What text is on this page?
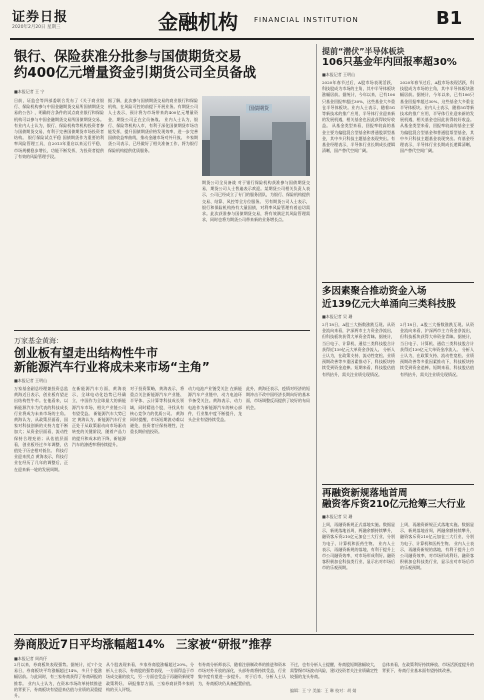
证券日报
2020年2月20日 星期三	金融机构 FINANCIAL INSTITUTION	B1
银行、保险获准分批参与国债期货交易
约400亿元增量资金引期货公司全员备战
■本报记者 王 宁
日前，证监会等四部委联合发布了《关于商业银行、保险机构参与中国金融期货交易所国债期货交易的公告》，明确符合条件的试点商业银行和保险机构可以参与中国金融期货交易所国债期货交易。有业内人士认为，银行、保险机构等机构投资者参与国债期货交易，有利于完善国债期货市场投资者结构。 银行保险试点平稳 国债期货作为重要的利率风险管理工具，自2013年重启以来运行平稳，市场规模稳步增长，功能不断发挥，为投资者提供了有效的风险管理手段。
据了解，此次参与国债期货交易的商业银行和保险机构，在风险可控的前提下开展业务。有期货公司人士表示，预计将为市场带来约400亿元增量资金，期货公司正在全员备战。 业内人士认为，银行、保险等机构入市，有利于深化国债期货市场功能发挥，提升国债期货价格发现效率，进一步完善国债收益率曲线，推动金融市场对外开放。 多家期货公司表示，已经做好了相关准备工作，将为银行保险机构提供优质服务。
国债期货
期货公司全员备战 对于银行保险机构获准参与国债期货交易，期货公司人士普遍表示欢迎。某期货公司相关负责人表示，公司已经成立了专门的服务团队，为银行、保险机构提供交易、结算、风控等全方位服务。 另有期货公司人士表示，银行和保险机构持有大量国债，对利率风险管理有着迫切需求。此次获准参与国债期货交易，将有效满足其风险管理需求，同时也将为期货公司带来新的业务增长点。
万家基金黄海：
创业板有望走出结构性牛市
新能源汽车行业将成未来市场“主角”
■本报记者 王明山
万家基金副总经理兼投资总监黄海近日表示，创业板有望走出结构性牛市。在他看来，以新能源汽车为代表的科技成长行业将成为未来市场的主角。 黄海认为，从政策层面看，国家对科技创新的支持力度不断加大；从资金层面看，流动性保持合理充裕；从估值层面看，创业板经过多年调整，估值处于历史相对低位。 科技行业迎来拐点 黄海表示，科技行业在经历了几年的调整后，正在迎来新一轮的发展周期。
在新能源汽车方面，黄海表示，全球电动化趋势已经确立，中国作为全球最大的新能源汽车市场，相关产业链公司有望受益。 新能源汽车大势已定 黄海认为，新能源汽车行业正处于从政策驱动向市场驱动转变的关键阶段，随着产品力的提升和成本的下降，新能源汽车的渗透率将持续提升。
对于投资策略，黄海表示，将重点关注新能源汽车产业链、半导体、云计算等科技成长领域，同时精选个股，寻找具有核心竞争力的优质公司。 黄海同时提醒，市场短期波动难以避免，投资者应保持理性，注重长期价值投资。
动力电池产业链受关注 在新能源汽车产业链中，动力电池环节备受关注。黄海表示，动力电池作为新能源汽车的核心部件，行业集中度不断提升，龙头企业有望持续受益。
此外，黄海还表示，疫情对经济的短期冲击不改中国经济长期向好的基本面，市场调整反而提供了较好的布局机会。
券商股近7日平均涨幅超14%　三家被“研报”推荐
■本报记者 周尚伃
2月以来，券商板块表现强势。据统计，近7个交易日，券商板块平均涨幅超过14%，多只个股涨幅居前。与此同时，有三家券商获得了券商研报的推荐。 业内人士认为，在资本市场改革持续推进的背景下，券商板块有望迎来估值与业绩的双重提升。
从个股表现来看，多家券商股涨幅超过20%。分析人士表示，券商股的强势表现，一方面得益于市场成交量的放大，另一方面也受益于再融资新规等政策利好。 研报推荐方面，三家券商获得多家机构的买入评级。
有券商分析师表示，随着注册制改革的推进和资本市场对外开放的深化，头部券商将持续受益，行业集中度有望进一步提升。 对于后市，分析人士认为，券商板块仍具备配置价值。
不过，也有分析人士提醒，券商股短期涨幅较大，需警惕市场波动风险，建议投资者关注业绩确定性较强的龙头券商。
总体来看，在政策利好持续释放、市场活跃度提升的背景下，券商行业基本面有望持续改善。
提前“潜伏”半导体板块
106只基金年内回报率超30%
■本报记者 王明山
2020年春节过后，A股市场表现活跃，科技股成为市场的主角，其中半导体板块涨幅居前。据统计，今年以来，已有106只基金回报率超过30%，这些基金大多重仓半导体板块。业内人士表示，随着5G等新技术的推广应用，半导体行业迎来新的发展机遇，相关基金也因此获得较好收益。 从基金类型来看，回报率较高的基金主要为偏股混合型基金和普通股票型基金，其中多只科技主题基金表现突出。有基金经理表示，半导体行业长期成长逻辑清晰，国产替代空间广阔。
2020年春节过后，A股市场表现活跃，科技股成为市场的主角，其中半导体板块涨幅居前。据统计，今年以来，已有106只基金回报率超过30%，这些基金大多重仓半导体板块。业内人士表示，随着5G等新技术的推广应用，半导体行业迎来新的发展机遇，相关基金也因此获得较好收益。 从基金类型来看，回报率较高的基金主要为偏股混合型基金和普通股票型基金，其中多只科技主题基金表现突出。有基金经理表示，半导体行业长期成长逻辑清晰，国产替代空间广阔。
多因素聚合推动资金入场
近139亿元大单涌向三类科技股
■本报记者 吴 珊
2月18日，A股三大指数涨跌互现。从资金流向来看，沪深两市主力资金净流出，但科技板块获得大单资金青睐。据统计，当日电子、计算机、通信三类科技股合计获得近139亿元大单资金净流入。 分析人士认为，在政策支持、流动性宽松、业绩预期改善等多重因素推动下，科技板块持续受到资金追捧。短期来看，科技股估值有所抬升，需关注业绩兑现情况。
2月18日，A股三大指数涨跌互现。从资金流向来看，沪深两市主力资金净流出，但科技板块获得大单资金青睐。据统计，当日电子、计算机、通信三类科技股合计获得近139亿元大单资金净流入。 分析人士认为，在政策支持、流动性宽松、业绩预期改善等多重因素推动下，科技板块持续受到资金追捧。短期来看，科技股估值有所抬升，需关注业绩兑现情况。
再融资新规落地首周
融资客斥资210亿元抢筹三大行业
■本报记者 吴 珊
上周，再融资新规正式落地实施。数据显示，新规落地首周，两融余额持续攀升，融资客斥资210亿元加仓三大行业，分别为电子、计算机和医药生物。 业内人士表示，再融资新规的落地，有利于提升上市公司融资效率，对市场形成利好。融资客积极加仓科技类行业，显示出对市场后市的乐观预期。
上周，再融资新规正式落地实施。数据显示，新规落地首周，两融余额持续攀升，融资客斥资210亿元加仓三大行业，分别为电子、计算机和医药生物。 业内人士表示，再融资新规的落地，有利于提升上市公司融资效率，对市场形成利好。融资客积极加仓科技类行业，显示出对市场后市的乐观预期。
编辑：王 宁 美编：王 琳 校对：胡 婧
